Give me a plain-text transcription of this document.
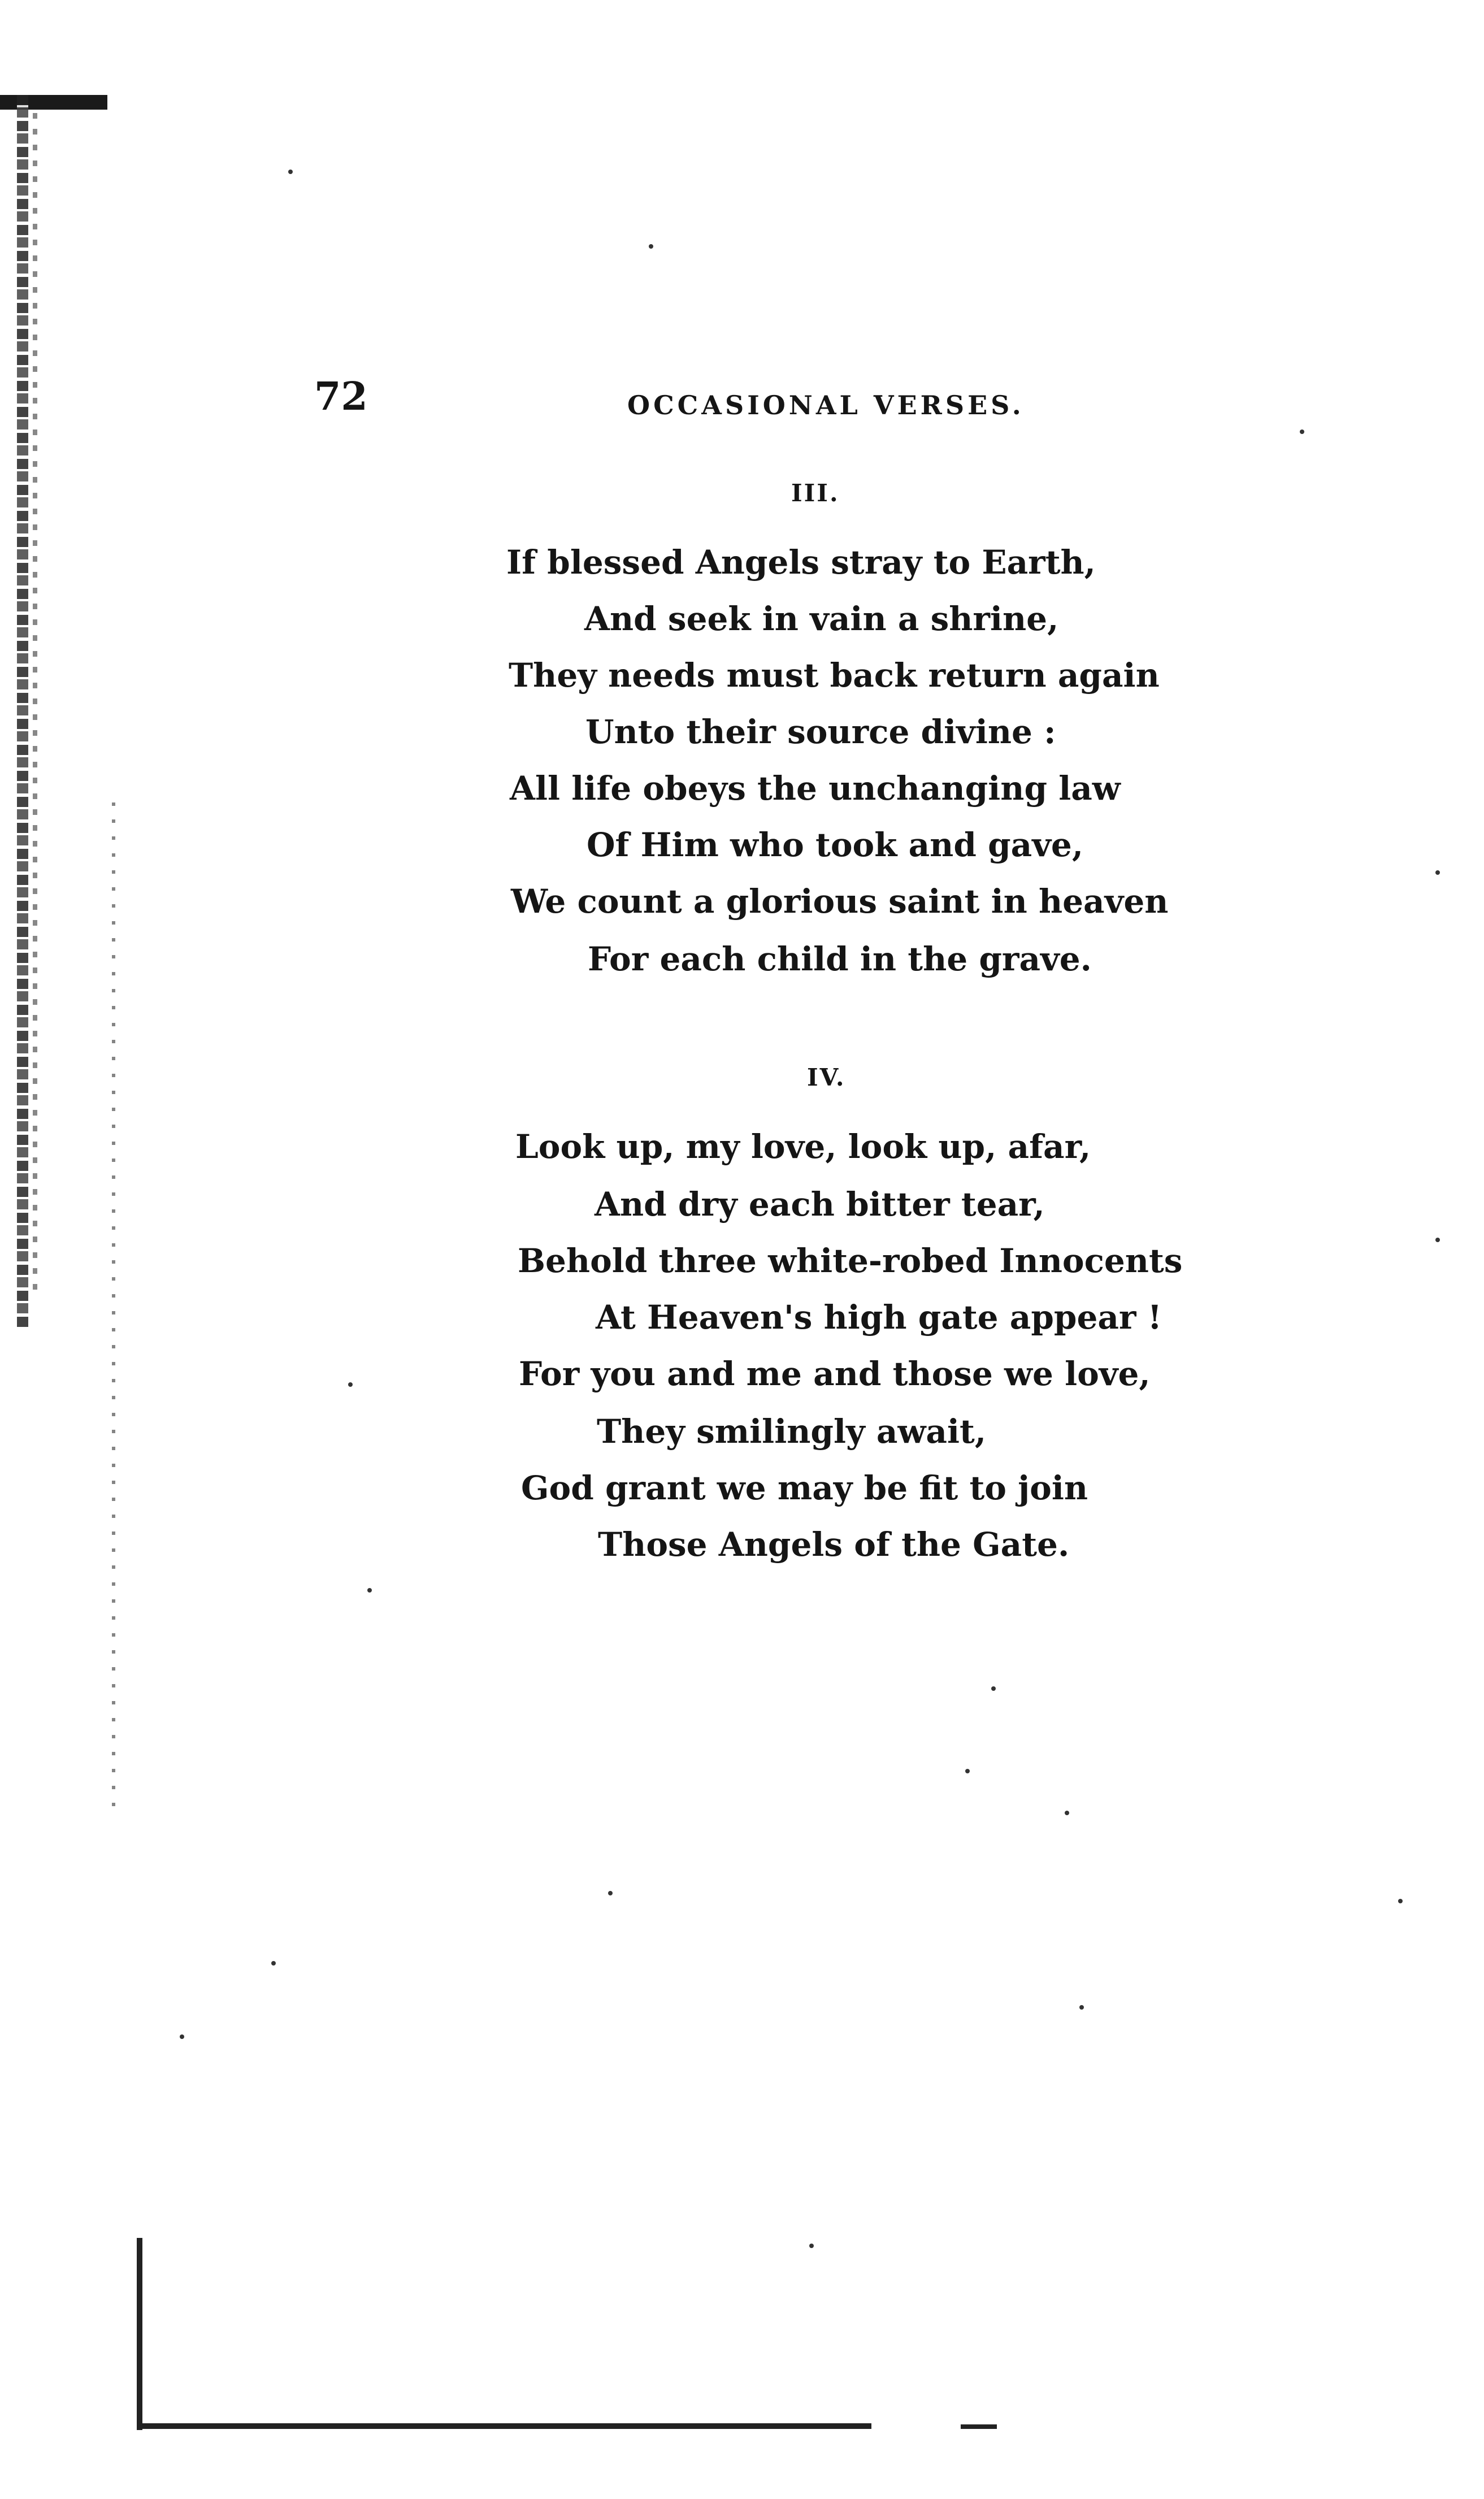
72	OCCASIONAL VERSES.
III.
If blessed Angels stray to Earth,
And seek in vain a shrine,
They needs must back return again
Unto their source divine :
All life obeys the unchanging law
Of Him who took and gave,
We count a glorious saint in heaven
For each child in the grave.
IV.
Look up, my love, look up, afar,
And dry each bitter tear,
Behold three white-robed Innocents
At Heaven's high gate appear !
For you and me and those we love,
They smilingly await,
God grant we may be fit to join
Those Angels of the Gate.
